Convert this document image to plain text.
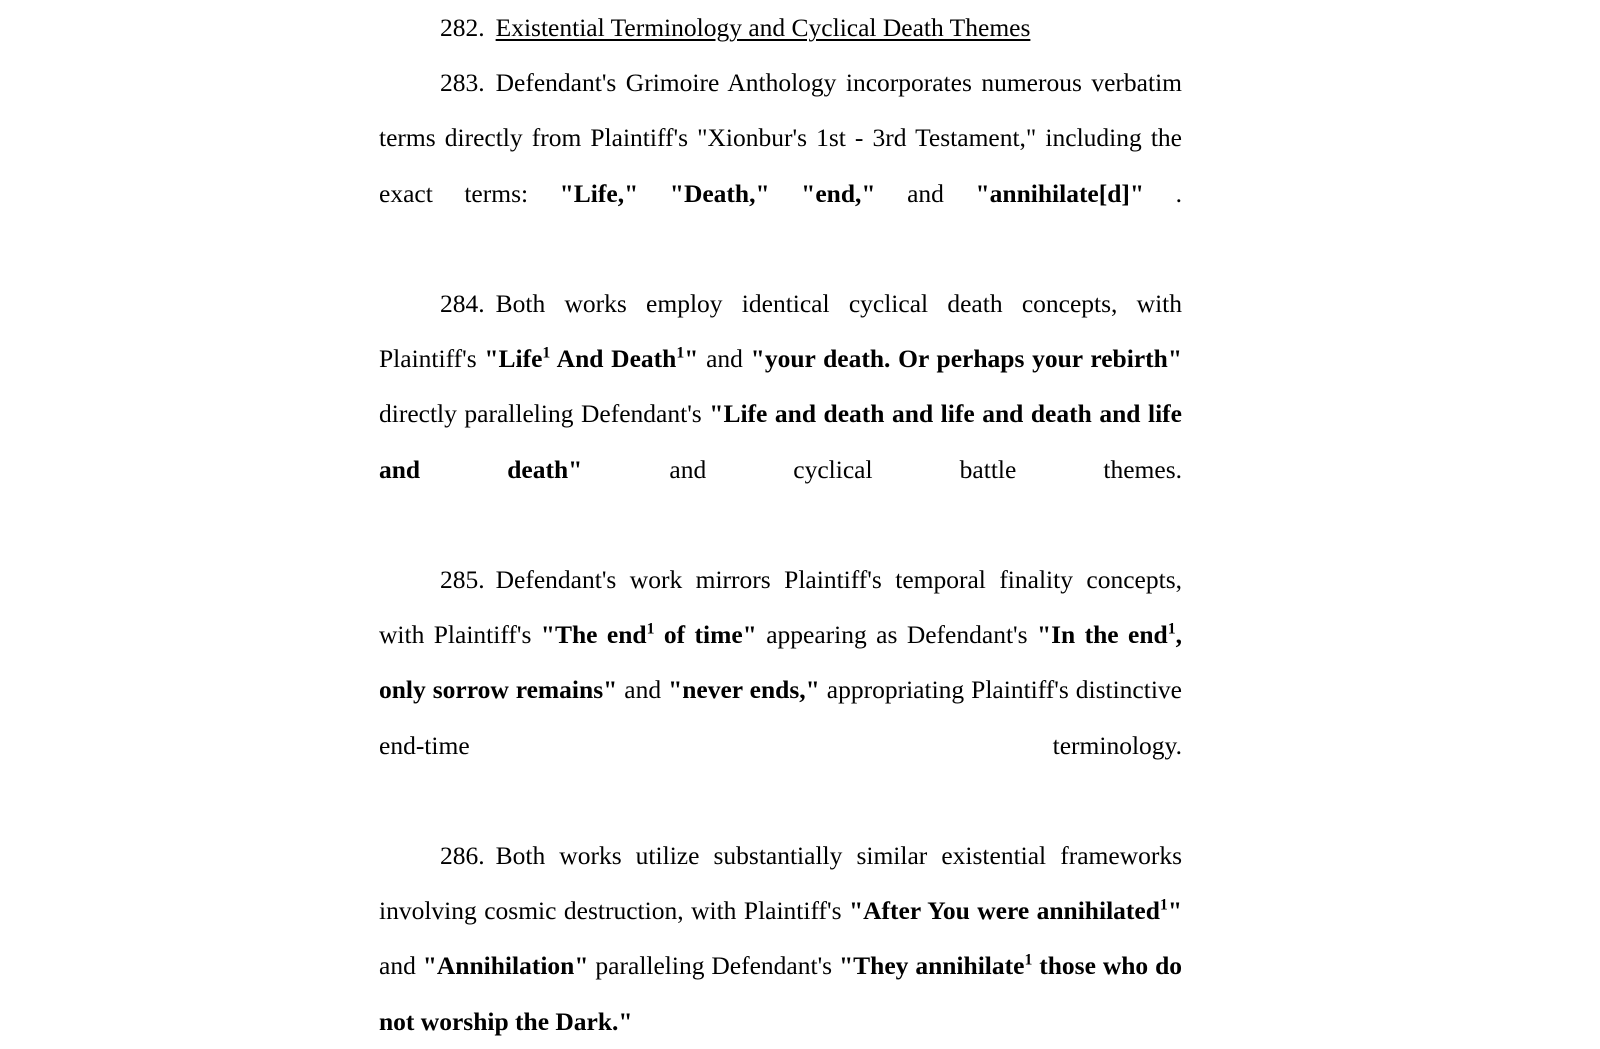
282. Existential Terminology and Cyclical Death Themes

283. Defendant's Grimoire Anthology incorporates numerous verbatim terms directly from Plaintiff's "Xionbur's 1st - 3rd Testament," including the exact terms: "Life," "Death," "end," and "annihilate[d]" .

284. Both works employ identical cyclical death concepts, with Plaintiff's "Life$^1$ And Death$^1$" and "your death. Or perhaps your rebirth" directly paralleling Defendant's "Life and death and life and death and life and death" and cyclical battle themes.

285. Defendant's work mirrors Plaintiff's temporal finality concepts, with Plaintiff's "The end$^1$ of time" appearing as Defendant's "In the end$^1$, only sorrow remains" and "never ends," appropriating Plaintiff's distinctive end-time terminology.

286. Both works utilize substantially similar existential frameworks involving cosmic destruction, with Plaintiff's "After You were annihilated$^1$" and "Annihilation" paralleling Defendant's "They annihilate$^1$ those who do not worship the Dark."
